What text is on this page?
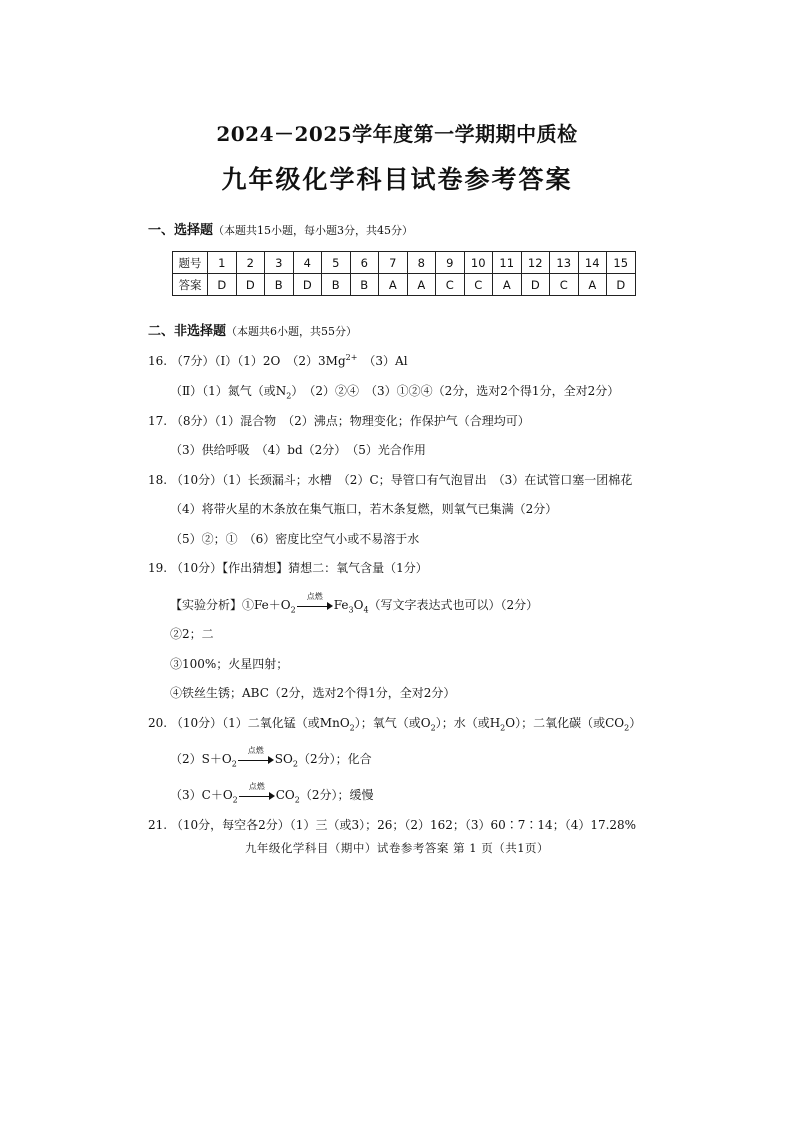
2024－2025学年度第一学期期中质检
九年级化学科目试卷参考答案
一、选择题（本题共15小题，每小题3分，共45分）
题号	1	2	3	4	5	6	7	8	9	10	11	12	13	14	15
答案	D	D	B	D	B	B	A	A	C	C	A	D	C	A	D
二、非选择题（本题共6小题，共55分）
16. （7分）（Ⅰ）（1）2O　$(2)3Mg^{2+}$　（3）Al
（Ⅱ）（1）氮气（或$N_2$）　（2）②④　（3）①②④（2分，选对2个得1分，全对2分）
17. （8分）（1）混合物　（2）沸点；物理变化；作保护气（合理均可）
（3）供给呼吸　（4）bd（2分）　（5）光合作用
18. （10分）（1）长颈漏斗；水槽　（2）C；导管口有气泡冒出　（3）在试管口塞一团棉花
（4）将带火星的木条放在集气瓶口，若木条复燃，则氧气已集满（2分）
（5）②；①　（6）密度比空气小或不易溶于水
19. （10分）【作出猜想】猜想二：氧气含量（1分）
【实验分析】$①Fe+O_2$
点燃
$Fe_3O_4$（写文字表达式也可以）（2分）
②2；二
③100%；火星四射；
④铁丝生锈；ABC（2分，选对2个得1分，全对2分）
20. （10分）（1）二氧化锰（或MnO$_2$）；氧气（或$O_2$）；水（或$H_2O$）；二氧化碳（或$CO_2$）
$(2)S+O_2$
点燃
$SO_2(2$分）；化合
$(3)C+O_2$
点燃
$CO_2(2$分）；缓慢
21. （10分，每空各2分）（1）三（或3）；26；（2）162；（3）60∶7∶14；（4）17.28%
九年级化学科目（期中）试卷参考答案 第 1 页（共1页）
